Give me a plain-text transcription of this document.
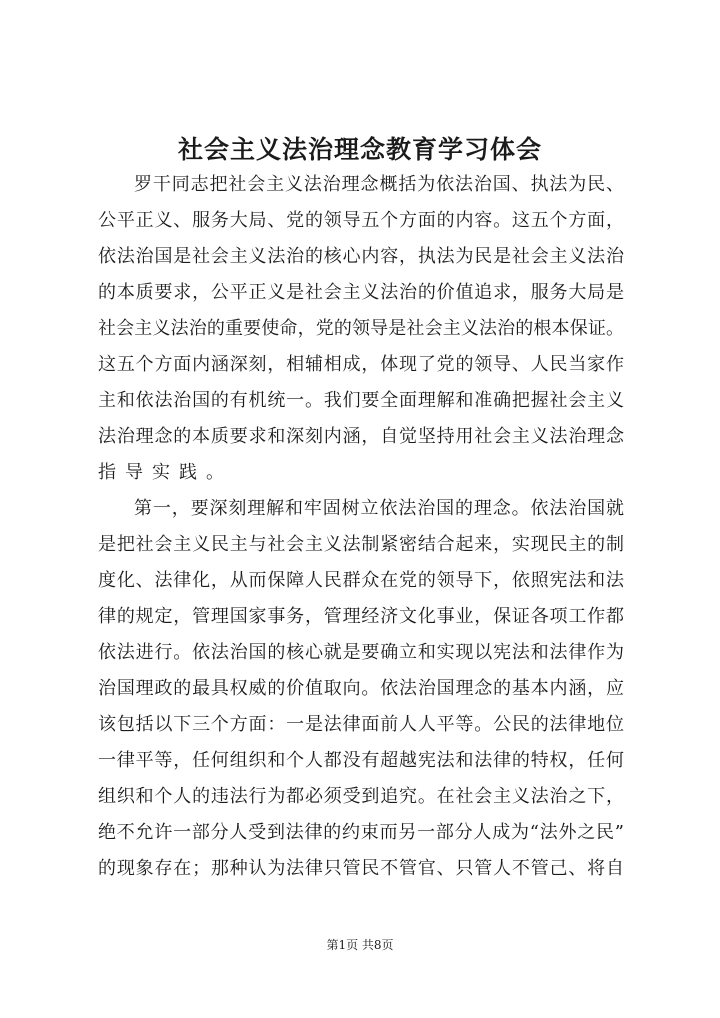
社会主义法治理念教育学习体会
罗干同志把社会主义法治理念概括为依法治国、执法为民、
公平正义、服务大局、党的领导五个方面的内容。这五个方面，
依法治国是社会主义法治的核心内容，执法为民是社会主义法治
的本质要求，公平正义是社会主义法治的价值追求，服务大局是
社会主义法治的重要使命，党的领导是社会主义法治的根本保证。
这五个方面内涵深刻，相辅相成，体现了党的领导、人民当家作
主和依法治国的有机统一。我们要全面理解和准确把握社会主义
法治理念的本质要求和深刻内涵，自觉坚持用社会主义法治理念
指导实践。
第一，要深刻理解和牢固树立依法治国的理念。依法治国就
是把社会主义民主与社会主义法制紧密结合起来，实现民主的制
度化、法律化，从而保障人民群众在党的领导下，依照宪法和法
律的规定，管理国家事务，管理经济文化事业，保证各项工作都
依法进行。依法治国的核心就是要确立和实现以宪法和法律作为
治国理政的最具权威的价值取向。依法治国理念的基本内涵，应
该包括以下三个方面：一是法律面前人人平等。公民的法律地位
一律平等，任何组织和个人都没有超越宪法和法律的特权，任何
组织和个人的违法行为都必须受到追究。在社会主义法治之下，
绝不允许一部分人受到法律的约束而另一部分人成为“法外之民”
的现象存在；那种认为法律只管民不管官、只管人不管己、将自
第1页 共8页
